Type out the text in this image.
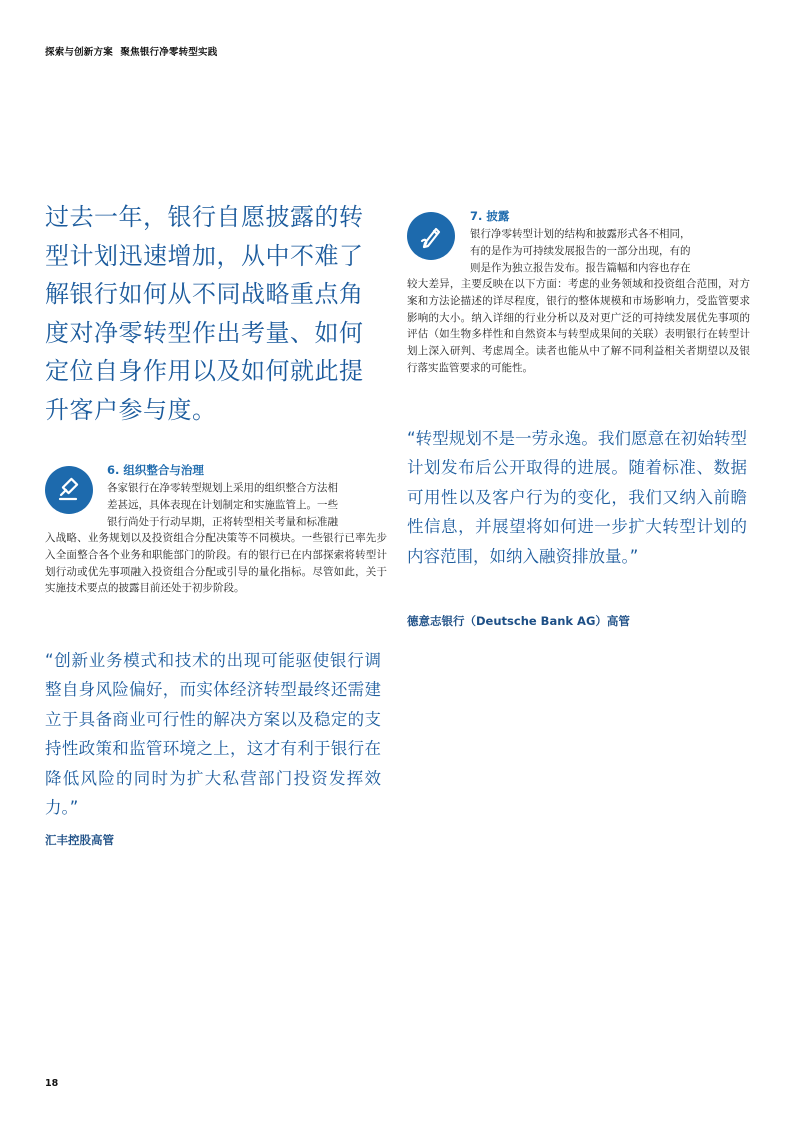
探索与创新方案 聚焦银行净零转型实践
过去一年，银行自愿披露的转型计划迅速增加，从中不难了解银行如何从不同战略重点角度对净零转型作出考量、如何定位自身作用以及如何就此提升客户参与度。
6. 组织整合与治理
各家银行在净零转型规划上采用的组织整合方法相
差甚远，具体表现在计划制定和实施监管上。一些
银行尚处于行动早期，正将转型相关考量和标准融
入战略、业务规划以及投资组合分配决策等不同模块。一些银行已率先步入全面整合各个业务和职能部门的阶段。有的银行已在内部探索将转型计划行动或优先事项融入投资组合分配或引导的量化指标。尽管如此，关于实施技术要点的披露目前还处于初步阶段。
“创新业务模式和技术的出现可能驱使银行调整自身风险偏好，而实体经济转型最终还需建立于具备商业可行性的解决方案以及稳定的支持性政策和监管环境之上，这才有利于银行在降低风险的同时为扩大私营部门投资发挥效力。”
汇丰控股高管
7. 披露
银行净零转型计划的结构和披露形式各不相同，
有的是作为可持续发展报告的一部分出现，有的
则是作为独立报告发布。报告篇幅和内容也存在
较大差异，主要反映在以下方面：考虑的业务领域和投资组合范围，对方案和方法论描述的详尽程度，银行的整体规模和市场影响力，受监管要求影响的大小。纳入详细的行业分析以及对更广泛的可持续发展优先事项的评估（如生物多样性和自然资本与转型成果间的关联）表明银行在转型计划上深入研判、考虑周全。读者也能从中了解不同利益相关者期望以及银行落实监管要求的可能性。
“转型规划不是一劳永逸。我们愿意在初始转型计划发布后公开取得的进展。随着标准、数据可用性以及客户行为的变化，我们又纳入前瞻性信息，并展望将如何进一步扩大转型计划的内容范围，如纳入融资排放量。”
德意志银行（Deutsche Bank AG）高管
18
